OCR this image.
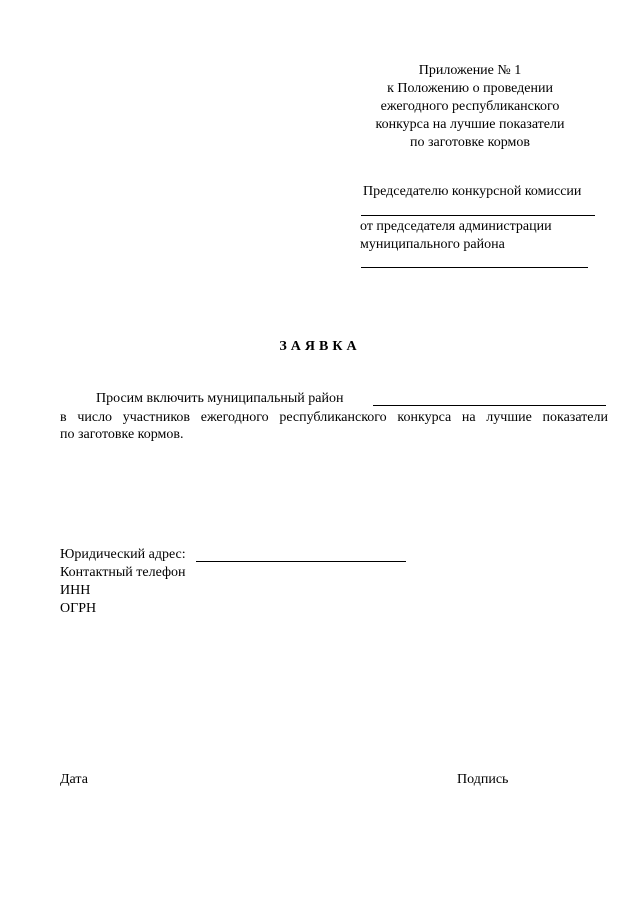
Приложение № 1
к Положению о проведении
ежегодного республиканского
конкурса на лучшие показатели
по заготовке кормов
Председателю конкурсной комиссии
от председателя администрации
муниципального района
ЗАЯВКА
Просим включить муниципальный район
в число участников ежегодного республиканского конкурса на лучшие показатели
по заготовке кормов.
Юридический адрес:
Контактный телефон
ИНН
ОГРН
Дата	Подпись
